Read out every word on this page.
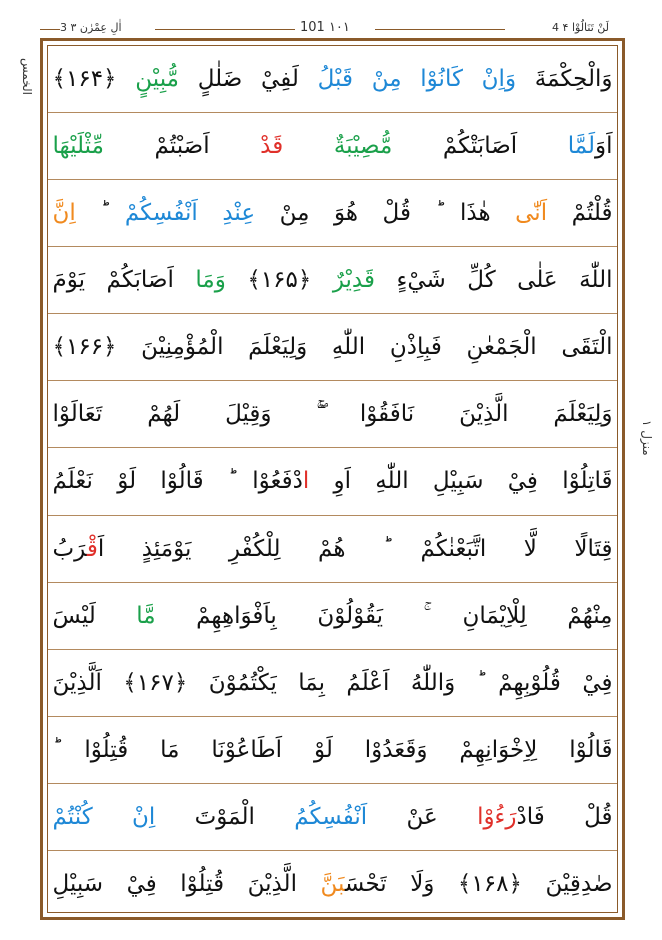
3 اٰلِ عِمْرٰن ۳	101 ۱۰۱	4 لَنْ تَنَالُوْا ۴
الخمس
منزل ۱
وَالْحِكْمَةَ وَاِنْ كَانُوْا مِنْ قَبْلُ لَفِيْ ضَلٰلٍ مُّبِيْنٍ ﴿۱۶۴﴾
اَوَلَمَّا اَصَابَتْكُمْ مُّصِيْبَةٌ قَدْ اَصَبْتُمْ مِّثْلَيْهَا
قُلْتُمْ اَنّٰى هٰذَا ؕ قُلْ هُوَ مِنْ عِنْدِ اَنْفُسِكُمْ ؕ اِنَّ
اللّٰهَ عَلٰى كُلِّ شَيْءٍ قَدِيْرٌ ﴿۱۶۵﴾ وَمَا اَصَابَكُمْ يَوْمَ
الْتَقَى الْجَمْعٰنِ فَبِاِذْنِ اللّٰهِ وَلِيَعْلَمَ الْمُؤْمِنِيْنَ ﴿۱۶۶﴾
وَلِيَعْلَمَ الَّذِيْنَ نَافَقُوْا ۚۖ وَقِيْلَ لَهُمْ تَعَالَوْا
قَاتِلُوْا فِيْ سَبِيْلِ اللّٰهِ اَوِ ادْفَعُوْا ؕ قَالُوْا لَوْ نَعْلَمُ
قِتَالًا لَّا اتَّبَعْنٰكُمْ ؕ هُمْ لِلْكُفْرِ يَوْمَئِذٍ اَقْرَبُ
مِنْهُمْ لِلْاِيْمَانِ ۚ يَقُوْلُوْنَ بِاَفْوَاهِهِمْ مَّا لَيْسَ
فِيْ قُلُوْبِهِمْ ؕ وَاللّٰهُ اَعْلَمُ بِمَا يَكْتُمُوْنَ ﴿۱۶۷﴾ اَلَّذِيْنَ
قَالُوْا لِاِخْوَانِهِمْ وَقَعَدُوْا لَوْ اَطَاعُوْنَا مَا قُتِلُوْا ؕ
قُلْ فَادْرَءُوْا عَنْ اَنْفُسِكُمُ الْمَوْتَ اِنْ كُنْتُمْ
صٰدِقِيْنَ ﴿۱۶۸﴾ وَلَا تَحْسَبَنَّ الَّذِيْنَ قُتِلُوْا فِيْ سَبِيْلِ
